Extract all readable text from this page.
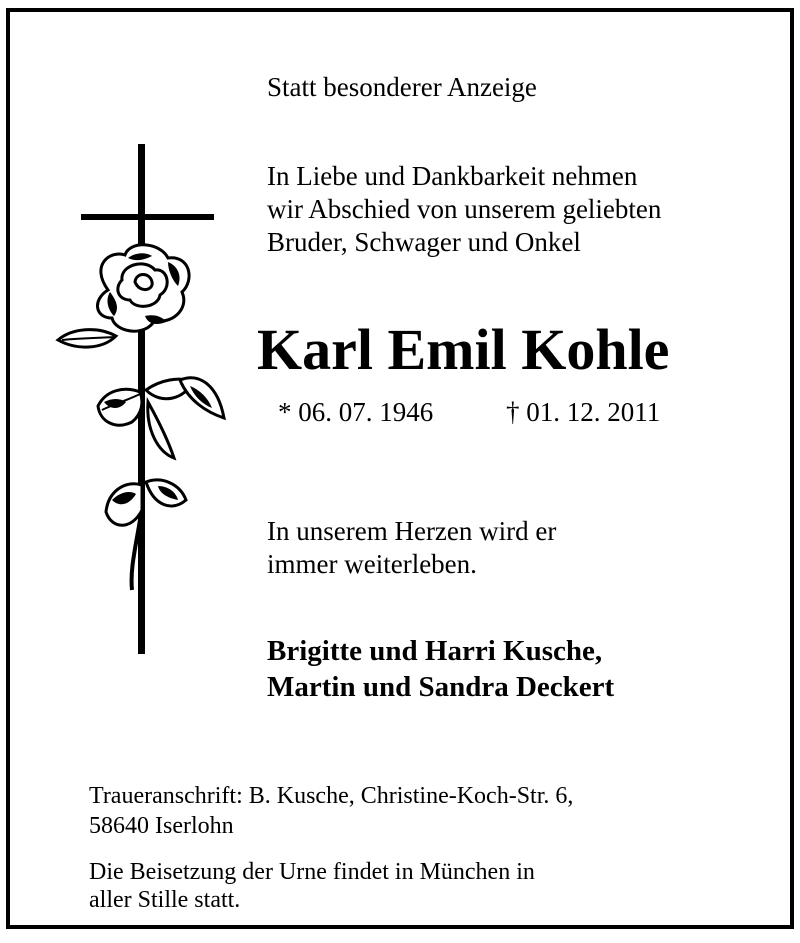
Statt besonderer Anzeige

In Liebe und Dankbarkeit nehmen
wir Abschied von unserem geliebten
Bruder, Schwager und Onkel

Karl Emil Kohle

* 06. 07. 1946	† 01. 12. 2011

In unserem Herzen wird er
immer weiterleben.

Brigitte und Harri Kusche,
Martin und Sandra Deckert

Traueranschrift: B. Kusche, Christine-Koch-Str. 6,
58640 Iserlohn

Die Beisetzung der Urne findet in München in
aller Stille statt.
